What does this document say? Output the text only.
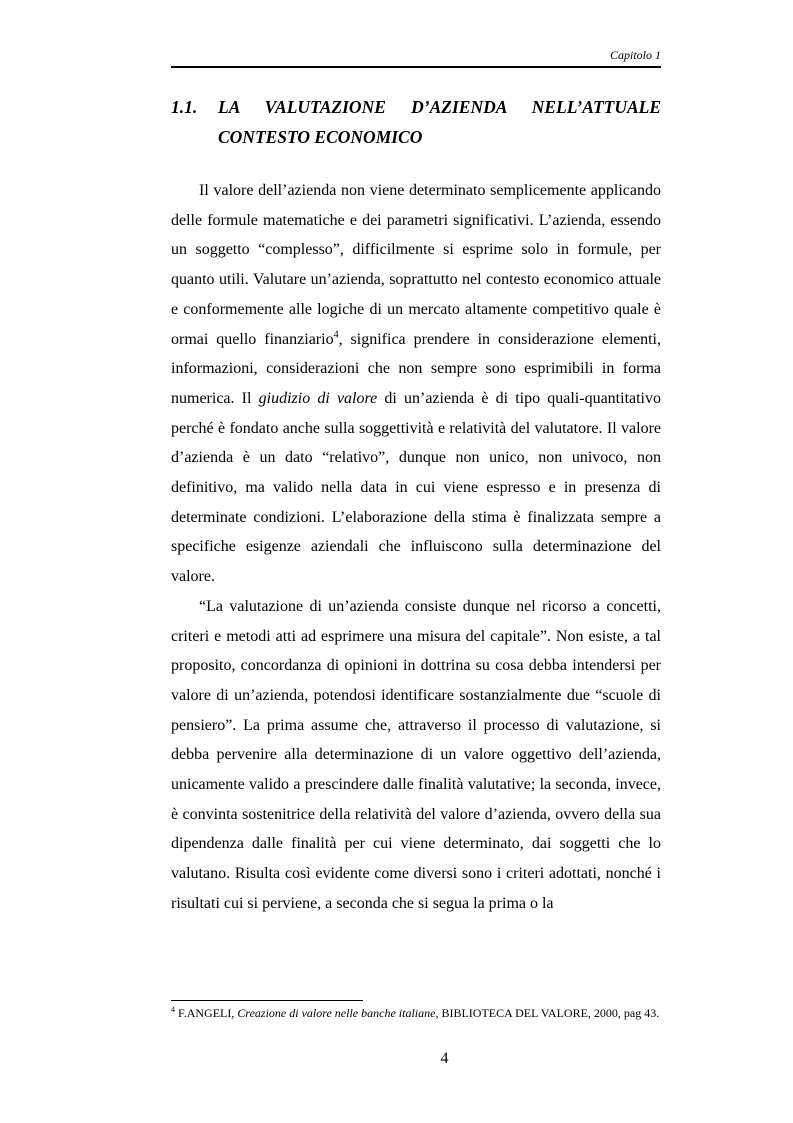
Capitolo 1
1.1. LA VALUTAZIONE D’AZIENDA NELL’ATTUALE CONTESTO ECONOMICO

Il valore dell’azienda non viene determinato semplicemente applicando delle formule matematiche e dei parametri significativi. L’azienda, essendo un soggetto “complesso”, difficilmente si esprime solo in formule, per quanto utili. Valutare un’azienda, soprattutto nel contesto economico attuale e conformemente alle logiche di un mercato altamente competitivo quale è ormai quello finanziario$^4$, significa prendere in considerazione elementi, informazioni, considerazioni che non sempre sono esprimibili in forma numerica. Il giudizio di valore di un’azienda è di tipo quali-quantitativo perché è fondato anche sulla soggettività e relatività del valutatore. Il valore d’azienda è un dato “relativo”, dunque non unico, non univoco, non definitivo, ma valido nella data in cui viene espresso e in presenza di determinate condizioni. L’elaborazione della stima è finalizzata sempre a specifiche esigenze aziendali che influiscono sulla determinazione del valore.

“La valutazione di un’azienda consiste dunque nel ricorso a concetti, criteri e metodi atti ad esprimere una misura del capitale”. Non esiste, a tal proposito, concordanza di opinioni in dottrina su cosa debba intendersi per valore di un’azienda, potendosi identificare sostanzialmente due “scuole di pensiero”. La prima assume che, attraverso il processo di valutazione, si debba pervenire alla determinazione di un valore oggettivo dell’azienda, unicamente valido a prescindere dalle finalità valutative; la seconda, invece, è convinta sostenitrice della relatività del valore d’azienda, ovvero della sua dipendenza dalle finalità per cui viene determinato, dai soggetti che lo valutano. Risulta così evidente come diversi sono i criteri adottati, nonché i risultati cui si perviene, a seconda che si segua la prima o la

$^4$ F.ANGELI, Creazione di valore nelle banche italiane, BIBLIOTECA DEL VALORE, 2000, pag 43.
4
